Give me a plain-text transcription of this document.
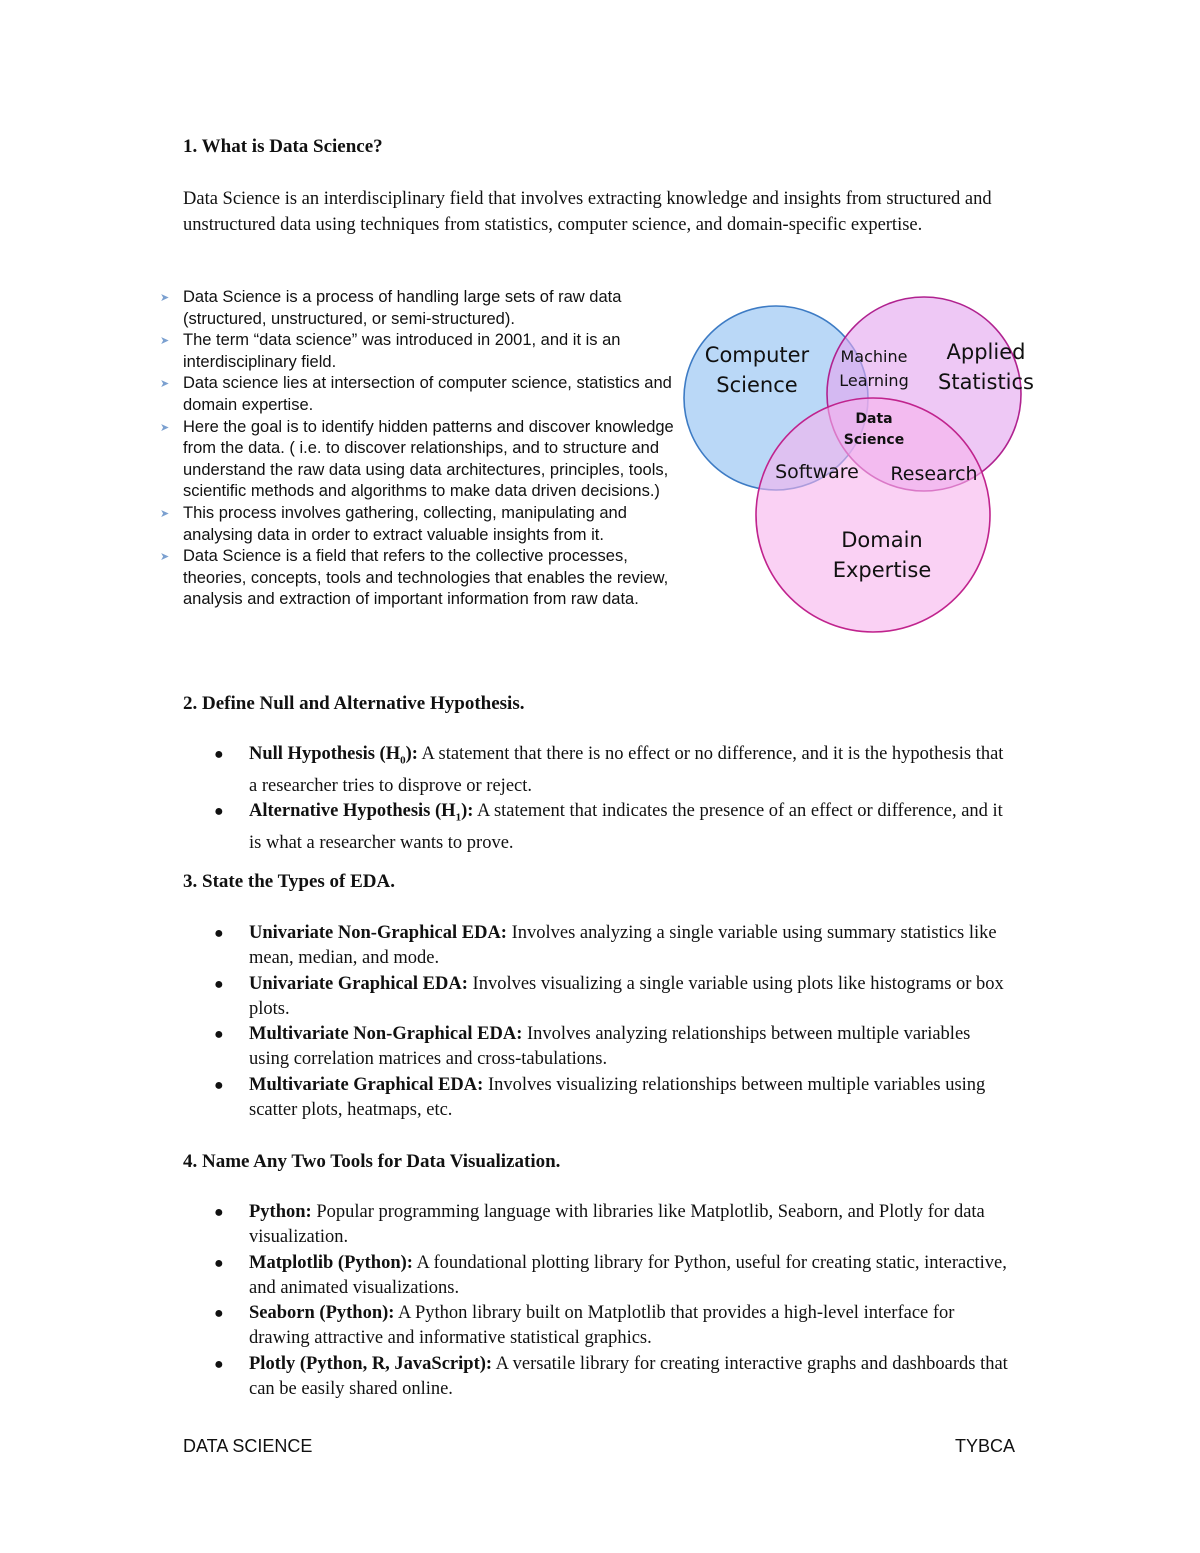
1. What is Data Science?
Data Science is an interdisciplinary field that involves extracting knowledge and insights from structured and unstructured data using techniques from statistics, computer science, and domain-specific expertise.
➤ Data Science is a process of handling large sets of raw data (structured, unstructured, or semi-structured).
➤ The term “data science” was introduced in 2001, and it is an interdisciplinary field.
➤ Data science lies at intersection of computer science, statistics and domain expertise.
➤ Here the goal is to identify hidden patterns and discover knowledge from the data. ( i.e. to discover relationships, and to structure and understand the raw data using data architectures, principles, tools, scientific methods and algorithms to make data driven decisions.)
➤ This process involves gathering, collecting, manipulating and analysing data in order to extract valuable insights from it.
➤ Data Science is a field that refers to the collective processes, theories, concepts, tools and technologies that enables the review, analysis and extraction of important information from raw data.
Computer
Science
Applied
Statistics
Domain
Expertise
Machine
Learning
Software Research
Data
Science
2. Define Null and Alternative Hypothesis.
● Null Hypothesis $(H_0)$: A statement that there is no effect or no difference, and it is the hypothesis that a researcher tries to disprove or reject.
● Alternative Hypothesis $(H_1)$: A statement that indicates the presence of an effect or difference, and it is what a researcher wants to prove.
3. State the Types of EDA.
● Univariate Non-Graphical EDA: Involves analyzing a single variable using summary statistics like mean, median, and mode.
● Univariate Graphical EDA: Involves visualizing a single variable using plots like histograms or box plots.
● Multivariate Non-Graphical EDA: Involves analyzing relationships between multiple variables using correlation matrices and cross-tabulations.
● Multivariate Graphical EDA: Involves visualizing relationships between multiple variables using scatter plots, heatmaps, etc.
4. Name Any Two Tools for Data Visualization.
● Python: Popular programming language with libraries like Matplotlib, Seaborn, and Plotly for data visualization.
● Matplotlib (Python): A foundational plotting library for Python, useful for creating static, interactive, and animated visualizations.
● Seaborn (Python): A Python library built on Matplotlib that provides a high-level interface for drawing attractive and informative statistical graphics.
● Plotly (Python, R, JavaScript): A versatile library for creating interactive graphs and dashboards that can be easily shared online.
DATA SCIENCE	TYBCA
